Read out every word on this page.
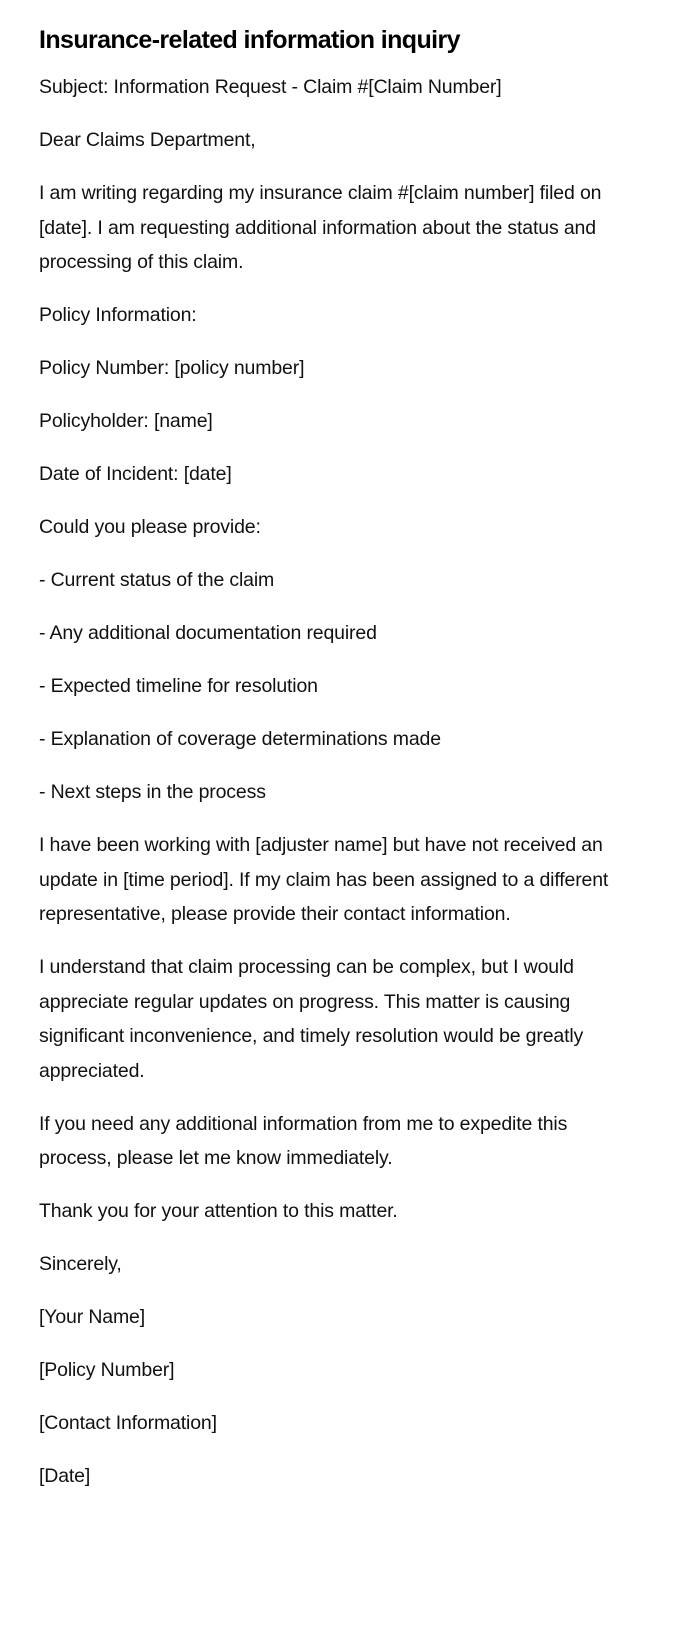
Insurance-related information inquiry

Subject: Information Request - Claim #[Claim Number]

Dear Claims Department,

I am writing regarding my insurance claim #[claim number] filed on [date]. I am requesting additional information about the status and processing of this claim.

Policy Information:

Policy Number: [policy number]

Policyholder: [name]

Date of Incident: [date]

Could you please provide:

- Current status of the claim

- Any additional documentation required

- Expected timeline for resolution

- Explanation of coverage determinations made

- Next steps in the process

I have been working with [adjuster name] but have not received an update in [time period]. If my claim has been assigned to a different representative, please provide their contact information.

I understand that claim processing can be complex, but I would appreciate regular updates on progress. This matter is causing significant inconvenience, and timely resolution would be greatly appreciated.

If you need any additional information from me to expedite this process, please let me know immediately.

Thank you for your attention to this matter.

Sincerely,

[Your Name]

[Policy Number]

[Contact Information]

[Date]
